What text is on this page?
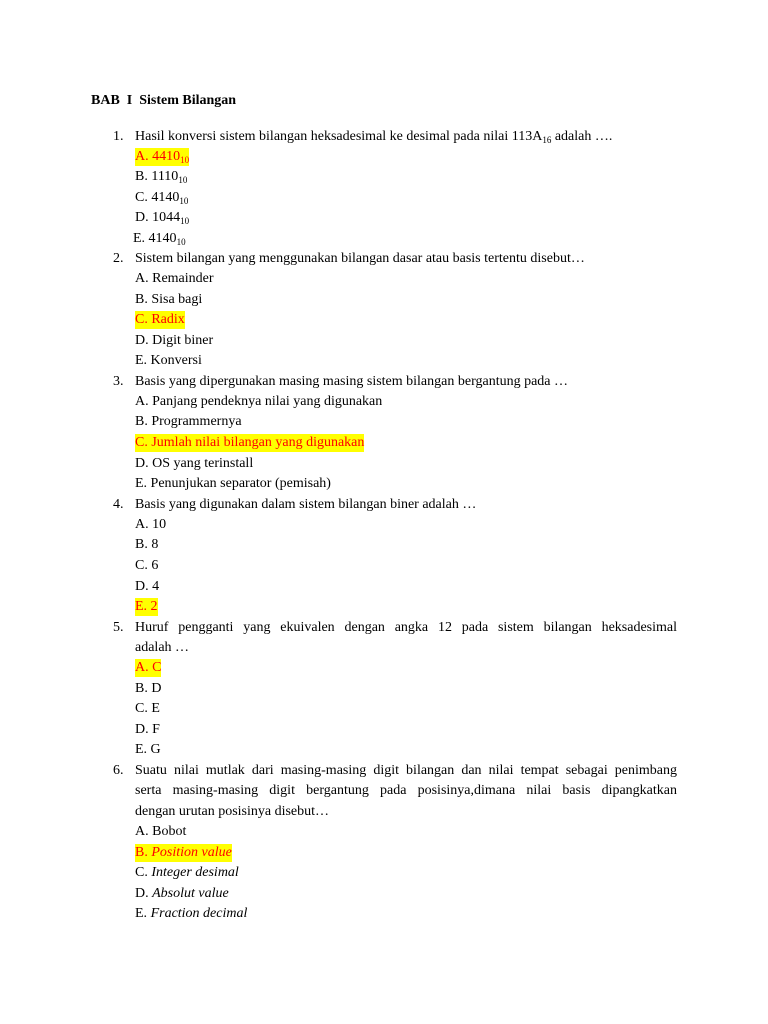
BAB  I  Sistem Bilangan
1. Hasil konversi sistem bilangan heksadesimal ke desimal pada nilai $113A_{16}$ adalah ….
A. $4410_{10}$
B. $1110_{10}$
C. $4140_{10}$
D. $1044_{10}$
E. $4140_{10}$
2. Sistem bilangan yang menggunakan bilangan dasar atau basis tertentu disebut…
A. Remainder
B. Sisa bagi
C. Radix
D. Digit biner
E. Konversi
3. Basis yang dipergunakan masing masing sistem bilangan bergantung pada …
A. Panjang pendeknya nilai yang digunakan
B. Programmernya
C. Jumlah nilai bilangan yang digunakan
D. OS yang terinstall
E. Penunjukan separator (pemisah)
4. Basis yang digunakan dalam sistem bilangan biner adalah …
A. 10
B. 8
C. 6
D. 4
E. 2
5. Huruf pengganti yang ekuivalen dengan angka 12 pada sistem bilangan heksadesimal
adalah …
A. C
B. D
C. E
D. F
E. G
6. Suatu nilai mutlak dari masing-masing digit bilangan dan nilai tempat sebagai penimbang
serta masing-masing digit bergantung pada posisinya,dimana nilai basis dipangkatkan
dengan urutan posisinya disebut…
A. Bobot
B. Position value
C. Integer desimal
D. Absolut value
E. Fraction decimal
